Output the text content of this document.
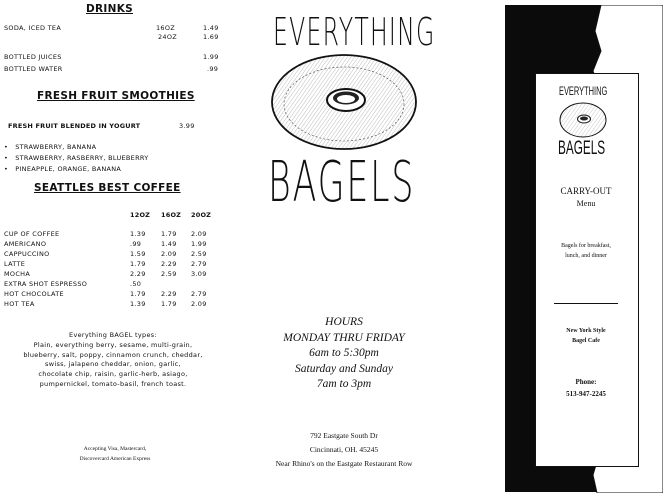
DRINKS
SODA, ICED TEA	16OZ	1.49
24OZ	1.69
BOTTLED JUICES	1.99
BOTTLED WATER	.99
FRESH FRUIT SMOOTHIES
FRESH FRUIT BLENDED IN YOGURT	3.99
•   STRAWBERRY, BANANA
•   STRAWBERRY, RASBERRY, BLUEBERRY
•   PINEAPPLE, ORANGE, BANANA
SEATTLES BEST COFFEE
12OZ 16OZ 20OZ
CUP OF COFFEE	1.39	1.79	2.09
AMERICANO	.99	1.49	1.99
CAPPUCCINO	1.59	2.09	2.59
LATTE	1.79	2.29	2.79
MOCHA	2.29	2.59	3.09
EXTRA SHOT ESPRESSO	.50		
HOT CHOCOLATE	1.79	2.29	2.79
HOT TEA	1.39	1.79	2.09
Everything BAGEL types:
Plain, everything berry, sesame, multi-grain,
blueberry, salt, poppy, cinnamon crunch, cheddar,
swiss, jalapeno cheddar, onion, garlic,
chocolate chip, raisin, garlic-herb, asiago,
pumpernickel, tomato-basil, french toast.
Accepting Visa, Mastercard,
Discovercard American Express
EVERYTHING
BAGELS
HOURS
MONDAY THRU FRIDAY
6am to 5:30pm
Saturday and Sunday
7am to 3pm
792 Eastgate South Dr
Cincinnati, OH. 45245
Near Rhino's on the Eastgate Restaurant Row
EVERYTHING
BAGELS
CARRY-OUT
Menu
Bagels for breakfast,
lunch, and dinner
New York Style
Bagel Cafe
Phone:
513-947-2245
